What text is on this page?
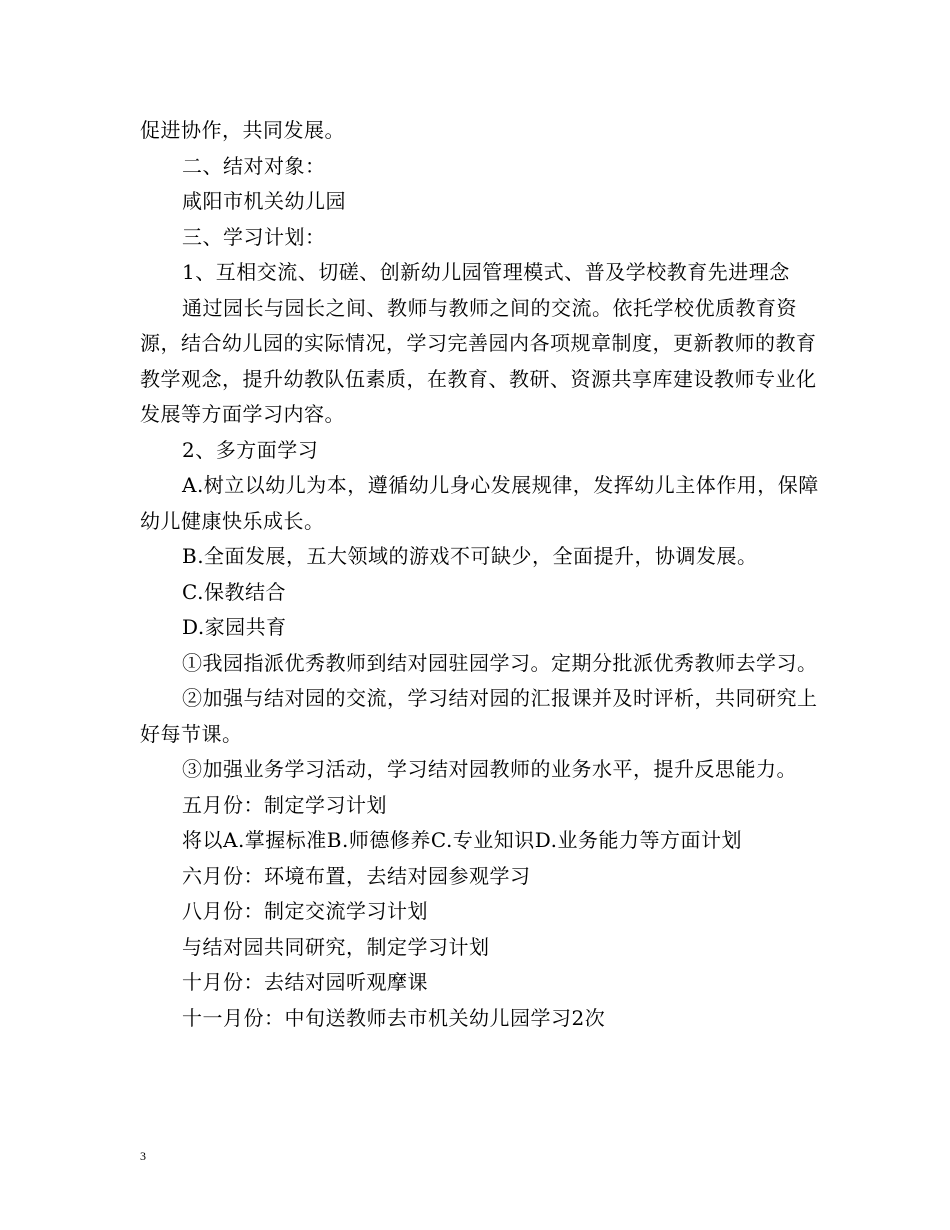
促进协作，共同发展。

二、结对对象：

咸阳市机关幼儿园

三、学习计划：

1、互相交流、切磋、创新幼儿园管理模式、普及学校教育先进理念

通过园长与园长之间、教师与教师之间的交流。依托学校优质教育资源，结合幼儿园的实际情况，学习完善园内各项规章制度，更新教师的教育教学观念，提升幼教队伍素质，在教育、教研、资源共享库建设教师专业化发展等方面学习内容。

2、多方面学习

A.树立以幼儿为本，遵循幼儿身心发展规律，发挥幼儿主体作用，保障幼儿健康快乐成长。

B.全面发展，五大领域的游戏不可缺少，全面提升，协调发展。

C.保教结合

D.家园共育

①我园指派优秀教师到结对园驻园学习。定期分批派优秀教师去学习。

②加强与结对园的交流，学习结对园的汇报课并及时评析，共同研究上好每节课。

③加强业务学习活动，学习结对园教师的业务水平，提升反思能力。

五月份：制定学习计划

将以A.掌握标准B.师德修养C.专业知识D.业务能力等方面计划

六月份：环境布置，去结对园参观学习

八月份：制定交流学习计划

与结对园共同研究，制定学习计划

十月份：去结对园听观摩课

十一月份：中旬送教师去市机关幼儿园学习2次

3
